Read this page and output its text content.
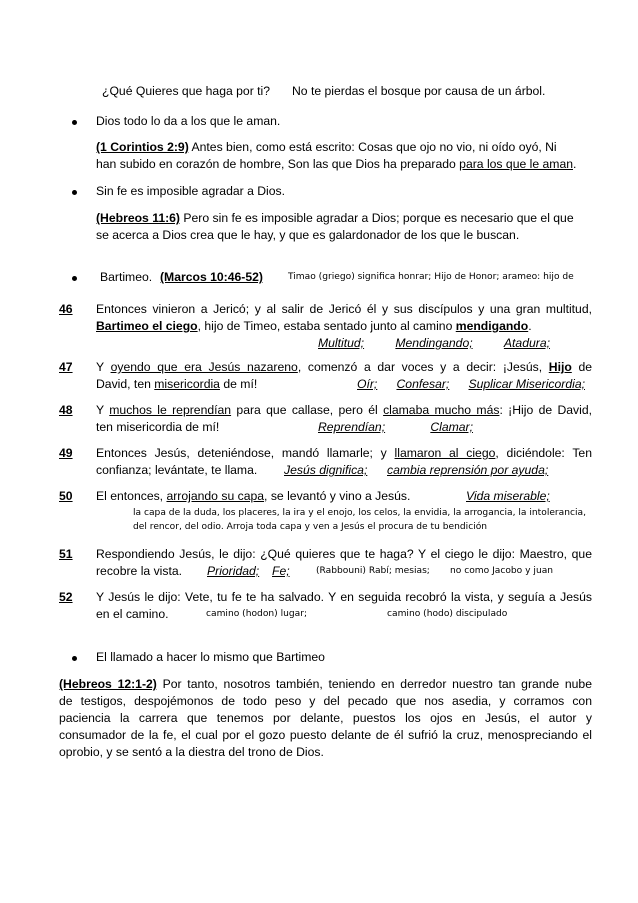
¿Qué Quieres que haga por ti? No te pierdas el bosque por causa de un árbol.
Dios todo lo da a los que le aman.
(1 Corintios 2:9) Antes bien, como está escrito: Cosas que ojo no vio, ni oído oyó, Ni
han subido en corazón de hombre, Son las que Dios ha preparado para los que le aman.
Sin fe es imposible agradar a Dios.
(Hebreos 11:6) Pero sin fe es imposible agradar a Dios; porque es necesario que el que
se acerca a Dios crea que le hay, y que es galardonador de los que le buscan.
Bartimeo. (Marcos 10:46-52)	Timao (griego) significa honrar; Hijo de Honor; arameo: hijo de
46 Entonces vinieron a Jericó; y al salir de Jericó él y sus discípulos y una gran multitud,
Bartimeo el ciego, hijo de Timeo, estaba sentado junto al camino mendigando.
Multitud;	Mendingando;	Atadura;
47 Y oyendo que era Jesús nazareno, comenzó a dar voces y a decir: ¡Jesús, Hijo de
David, ten misericordia de mí!	Oír; Confesar; Suplicar Misericordia;
48 Y muchos le reprendían para que callase, pero él clamaba mucho más: ¡Hijo de David,
ten misericordia de mí!	Reprendían;	Clamar;
49 Entonces Jesús, deteniéndose, mandó llamarle; y llamaron al ciego, diciéndole: Ten
confianza; levántate, te llama. Jesús dignifica; cambia reprensión por ayuda;
50 El entonces, arrojando su capa, se levantó y vino a Jesús.	Vida miserable;
la capa de la duda, los placeres, la ira y el enojo, los celos, la envidia, la arrogancia, la intolerancia,
del rencor, del odio. Arroja toda capa y ven a Jesús el procura de tu bendición
51 Respondiendo Jesús, le dijo: ¿Qué quieres que te haga? Y el ciego le dijo: Maestro, que
recobre la vista. Prioridad; Fe;	(Rabbouni) Rabí; mesias; no como Jacobo y juan
52 Y Jesús le dijo: Vete, tu fe te ha salvado. Y en seguida recobró la vista, y seguía a Jesús
en el camino.	camino (hodon) lugar;	camino (hodo) discipulado
El llamado a hacer lo mismo que Bartimeo
(Hebreos 12:1-2) Por tanto, nosotros también, teniendo en derredor nuestro tan grande nube
de testigos, despojémonos de todo peso y del pecado que nos asedia, y corramos con
paciencia la carrera que tenemos por delante, puestos los ojos en Jesús, el autor y
consumador de la fe, el cual por el gozo puesto delante de él sufrió la cruz, menospreciando el
oprobio, y se sentó a la diestra del trono de Dios.
